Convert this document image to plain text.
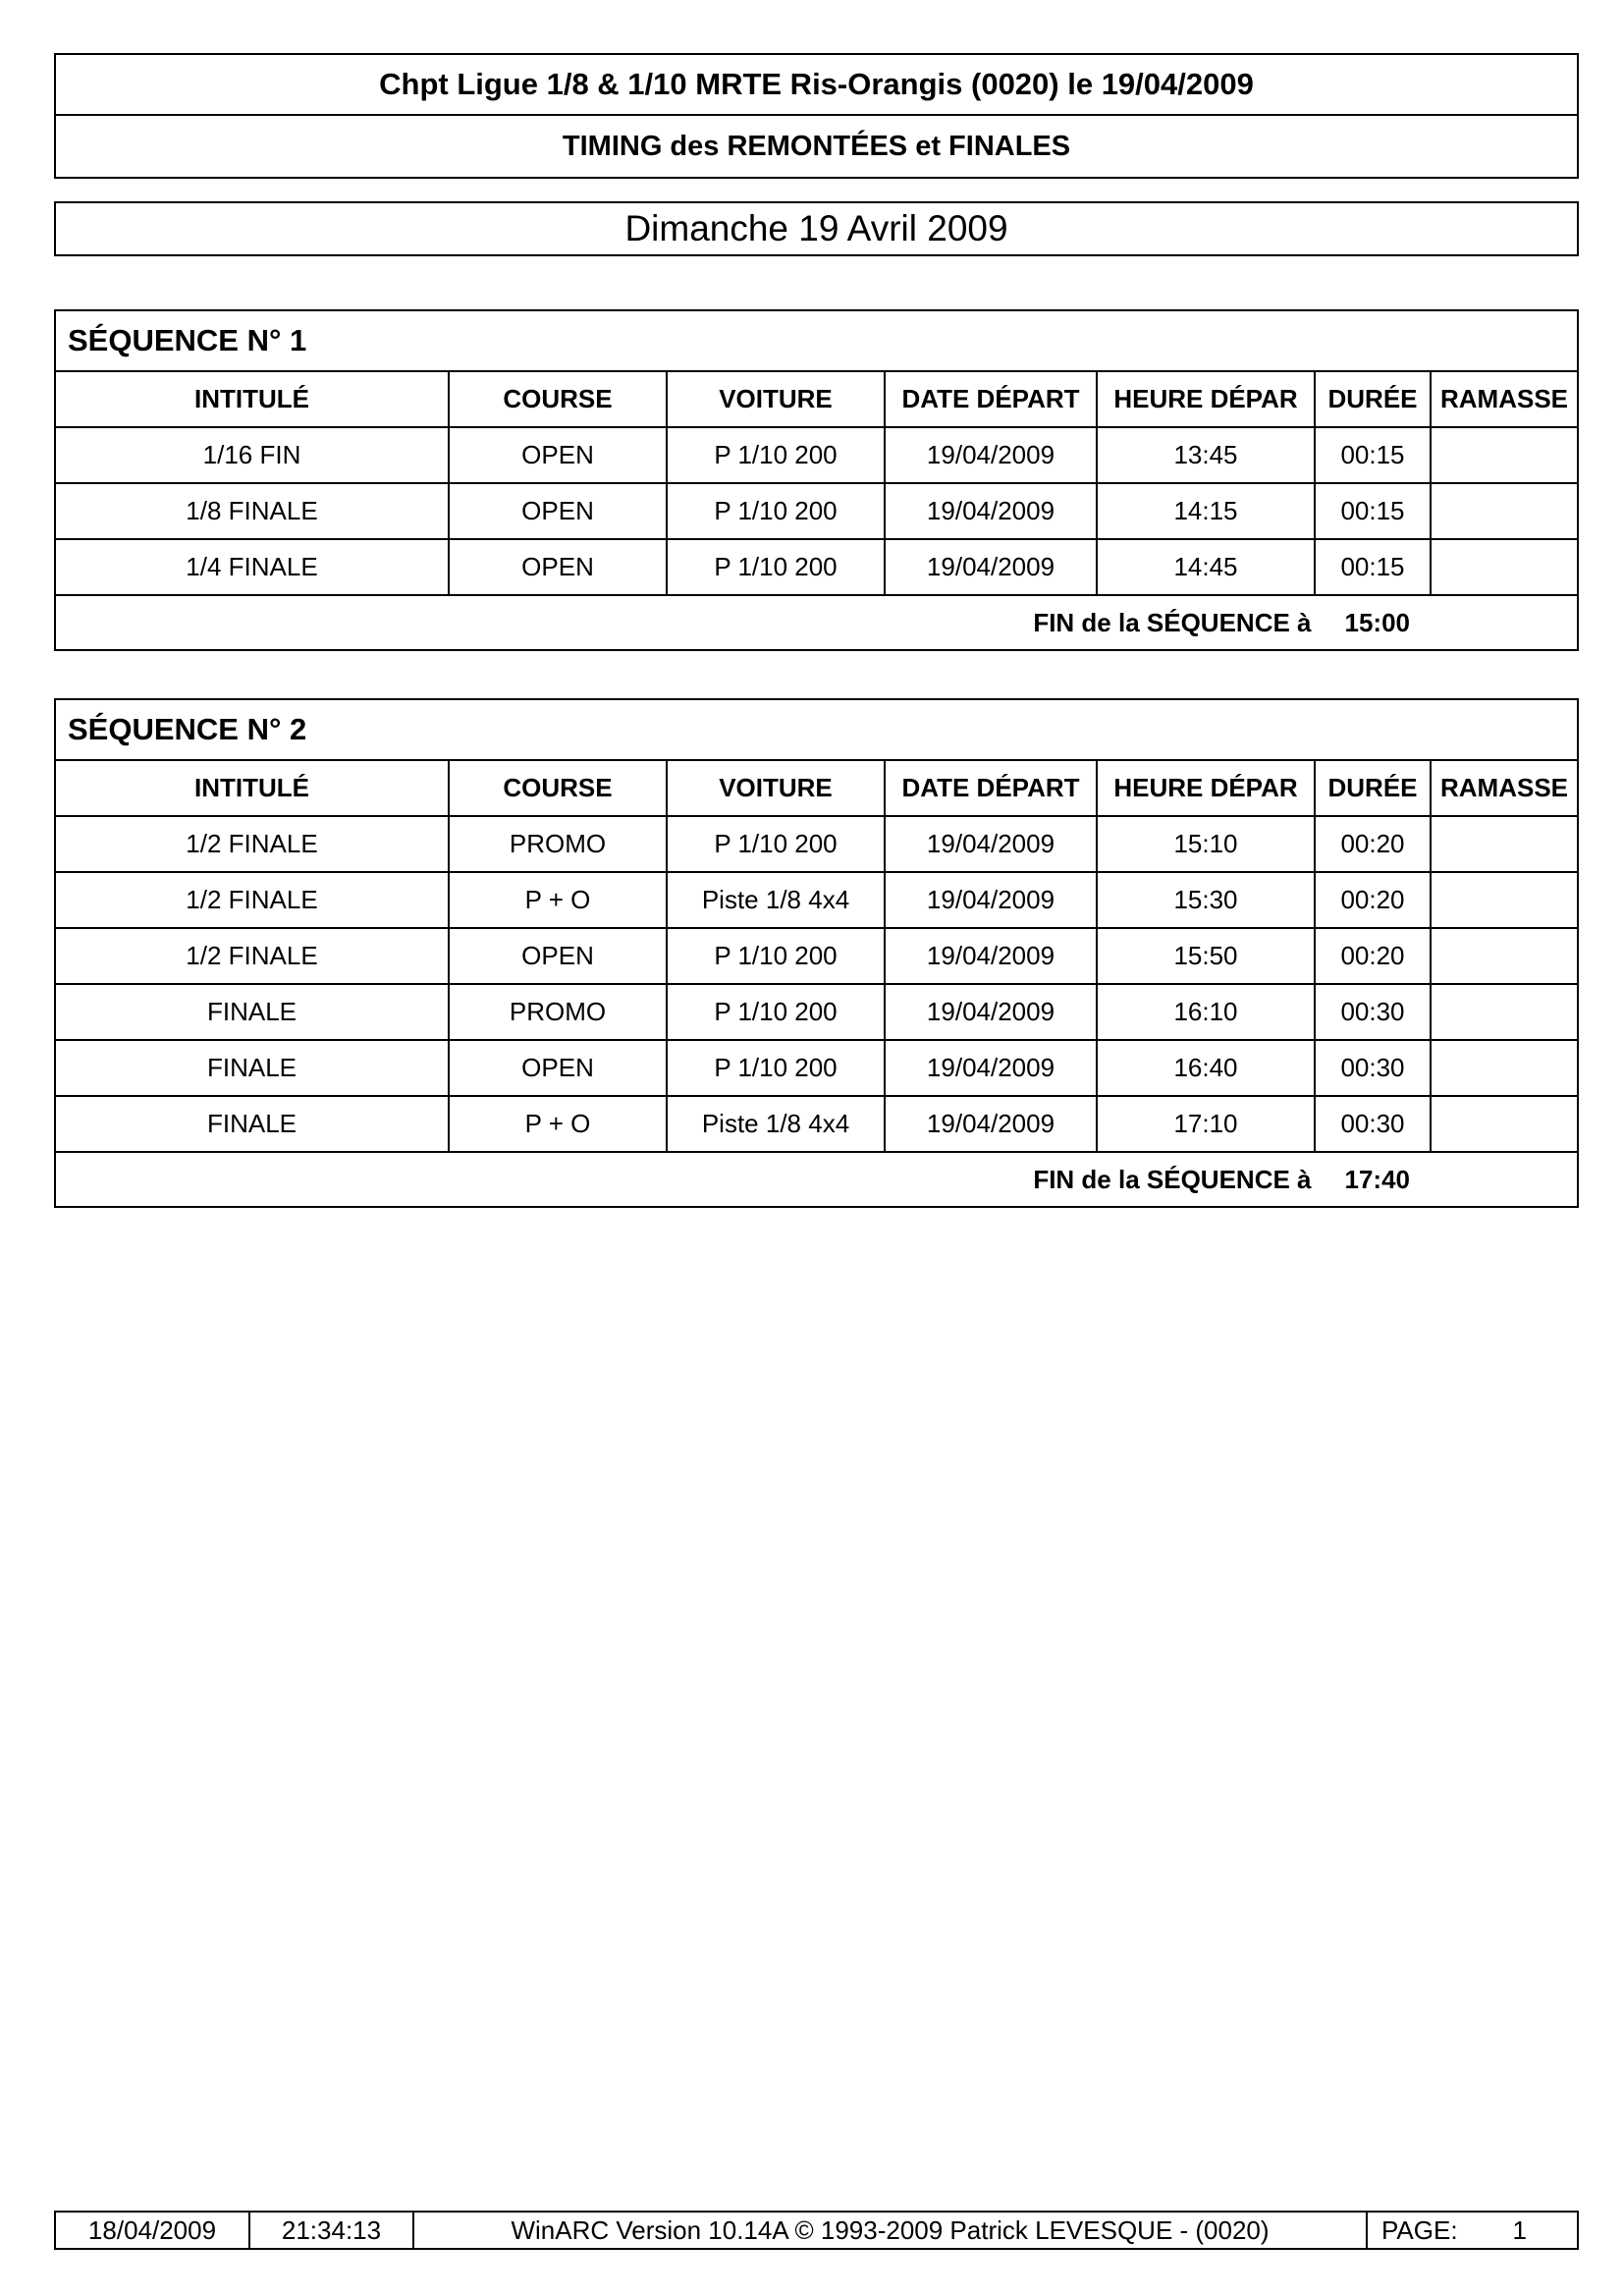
Chpt Ligue 1/8 & 1/10 MRTE Ris-Orangis (0020) le 19/04/2009
TIMING des REMONTÉES et FINALES
Dimanche 19 Avril 2009
SÉQUENCE N° 1
INTITULÉ	COURSE	VOITURE	DATE DÉPART	HEURE DÉPAR	DURÉE	RAMASSE
1/16 FIN	OPEN	P 1/10 200	19/04/2009	13:45	00:15	
1/8 FINALE	OPEN	P 1/10 200	19/04/2009	14:15	00:15	
1/4 FINALE	OPEN	P 1/10 200	19/04/2009	14:45	00:15	
FIN de la SÉQUENCE à 15:00
SÉQUENCE N° 2
INTITULÉ	COURSE	VOITURE	DATE DÉPART	HEURE DÉPAR	DURÉE	RAMASSE
1/2 FINALE	PROMO	P 1/10 200	19/04/2009	15:10	00:20	
1/2 FINALE	P + O	Piste 1/8 4x4	19/04/2009	15:30	00:20	
1/2 FINALE	OPEN	P 1/10 200	19/04/2009	15:50	00:20	
FINALE	PROMO	P 1/10 200	19/04/2009	16:10	00:30	
FINALE	OPEN	P 1/10 200	19/04/2009	16:40	00:30	
FINALE	P + O	Piste 1/8 4x4	19/04/2009	17:10	00:30	
FIN de la SÉQUENCE à 17:40
18/04/2009	21:34:13	WinARC Version 10.14A © 1993-2009 Patrick LEVESQUE - (0020)	PAGE: 1
